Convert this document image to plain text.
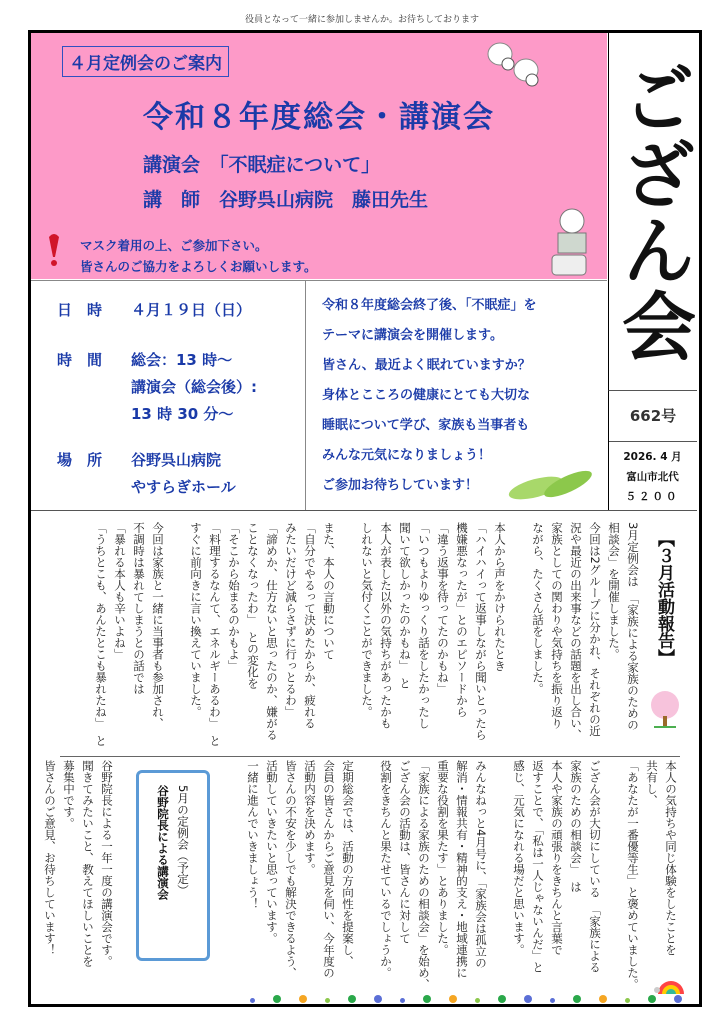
役員となって一緒に参加しませんか。お待ちしております
４月定例会のご案内
令和８年度総会・講演会
講演会　「不眠症について」
講　師　谷野呉山病院　藤田先生
マスク着用の上、ご参加下さい。
皆さんのご協力をよろしくお願いします。	ござん会
662号
2026. 4 月
富山市北代
５２００
日　時 ４月１９日（日）
時　間 総会：13 時～
講演会（総会後）:
13 時 30 分～
場　所 谷野呉山病院
やすらぎホール
令和８年度総会終了後、「不眠症」を
テーマに講演会を開催します。
皆さん、最近よく眠れていますか？
身体とこころの健康にとても大切な
睡眠について学び、家族も当事者も
みんな元気になりましょう！
ご参加お待ちしています！
【３月活動報告】
3月定例会は　「家族による家族のための
相談会」を開催しました。
今回は2グループに分かれ、それぞれの近
況や最近の出来事などの話題を出し合い、
家族としての関わりや気持ちを振り返り
ながら、たくさん話をしました。

本人から声をかけられたとき
「ハイハイって返事しながら聞いとったら
機嫌悪なったが」とのエピソードから
「違う返事を待ってたのかもね」
「いつもよりゆっくり話をしたかったし
聞いて欲しかったのかもね」　と
本人が表した以外の気持ちがあったかも
しれないと気付くことができました。

また、本人の言動について
「自分でやるって決めたからか、疲れる
みたいだけど減らさずに行っとるわ」
「諦めか、仕方ないと思ったのか、嫌がる
ことなくなったわ」　との変化を
「そこから始まるのかもよ」
「料理するなんて、エネルギーあるわ」　と
すぐに前向きに言い換えていました。

今回は家族と一緒に当事者も参加され、
不調時は暴れてしまうとの話では
「暴れる本人も辛いよね」
「うちとこも、あんたとこも暴れたね」　と
本人の気持ちや同じ体験をしたことを
共有し、
「あなたが一番優等生」と褒めていました。

ござん会が大切にしている　「家族による
家族のための相談会」　は
本人や家族の頑張りをきちんと言葉で
返すことで、「私は一人じゃないんだ」と
感じ、元気になれる場だと思います。

みんなねっと4月号に、「家族会は孤立の
解消・情報共有・精神的支え・地域連携に
重要な役割を果たす」とありました。
「家族による家族のための相談会」を始め、
ござん会の活動は、皆さんに対して
役割をきちんと果たせているでしょうか。

定期総会では、活動の方向性を提案し、
会員の皆さんからご意見を伺い、今年度の
活動内容を決めます。
皆さんの不安を少しでも解決できるよう、
活動していきたいと思っています。
一緒に進んでいきましょう！
5月の定例会（予定）
谷野院長による講演会
谷野院長による一年一度の講演会です。
聞きてみたいこと、教えてほしいことを
募集中です。
皆さんのご意見、お待ちしています！
